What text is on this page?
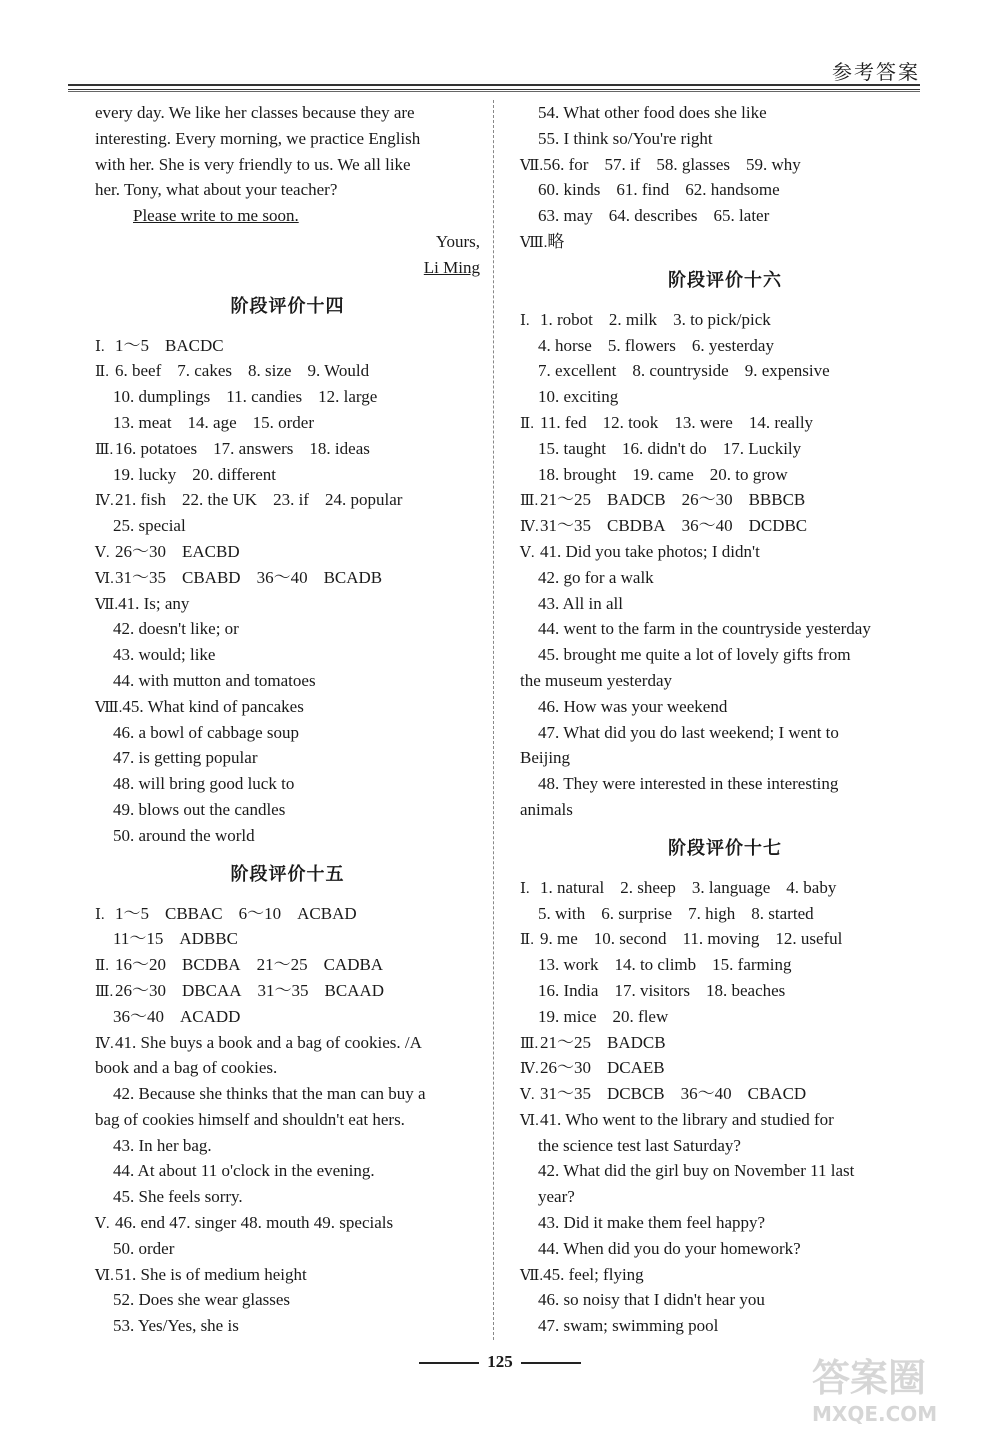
参考答案
every day. We like her classes because they are
interesting. Every morning, we practice English
with her. She is very friendly to us. We all like
her. Tony, what about your teacher?
Please write to me soon.
Yours,
Li Ming
阶段评价十四
Ⅰ. 1～5 BACDC
Ⅱ. 6. beef 7. cakes 8. size 9. Would
10. dumplings 11. candies 12. large
13. meat 14. age 15. order
Ⅲ. 16. potatoes 17. answers 18. ideas
19. lucky 20. different
Ⅳ.21. fish 22. the UK 23. if 24. popular
25. special
Ⅴ. 26～30 EACBD
Ⅵ.31～35 CBABD 36～40 BCADB
Ⅶ.41. Is; any
42. doesn't like; or
43. would; like
44. with mutton and tomatoes
Ⅷ.45. What kind of pancakes
46. a bowl of cabbage soup
47. is getting popular
48. will bring good luck to
49. blows out the candles
50. around the world
阶段评价十五
Ⅰ. 1～5 CBBAC 6～10 ACBAD
11～15 ADBBC
Ⅱ. 16～20 BCDBA 21～25 CADBA
Ⅲ. 26～30 DBCAA 31～35 BCAAD
36～40 ACADD
Ⅳ.41. She buys a book and a bag of cookies. /A
book and a bag of cookies.
42. Because she thinks that the man can buy a
bag of cookies himself and shouldn't eat hers.
43. In her bag.
44. At about 11 o'clock in the evening.
45. She feels sorry.
Ⅴ. 46. end 47. singer 48. mouth 49. specials
50. order
Ⅵ.51. She is of medium height
52. Does she wear glasses
53. Yes/Yes, she is
54. What other food does she like
55. I think so/You're right
Ⅶ.56. for 57. if 58. glasses 59. why
60. kinds 61. find 62. handsome
63. may 64. describes 65. later
Ⅷ.略
阶段评价十六
Ⅰ. 1. robot 2. milk 3. to pick/pick
4. horse 5. flowers 6. yesterday
7. excellent 8. countryside 9. expensive
10. exciting
Ⅱ. 11. fed 12. took 13. were 14. really
15. taught 16. didn't do 17. Luckily
18. brought 19. came 20. to grow
Ⅲ. 21～25 BADCB 26～30 BBBCB
Ⅳ.31～35 CBDBA 36～40 DCDBC
Ⅴ. 41. Did you take photos; I didn't
42. go for a walk
43. All in all
44. went to the farm in the countryside yesterday
45. brought me quite a lot of lovely gifts from
the museum yesterday
46. How was your weekend
47. What did you do last weekend; I went to
Beijing
48. They were interested in these interesting
animals
阶段评价十七
Ⅰ. 1. natural 2. sheep 3. language 4. baby
5. with 6. surprise 7. high 8. started
Ⅱ. 9. me 10. second 11. moving 12. useful
13. work 14. to climb 15. farming
16. India 17. visitors 18. beaches
19. mice 20. flew
Ⅲ. 21～25 BADCB
Ⅳ.26～30 DCAEB
Ⅴ. 31～35 DCBCB 36～40 CBACD
Ⅵ.41. Who went to the library and studied for
the science test last Saturday?
42. What did the girl buy on November 11 last
year?
43. Did it make them feel happy?
44. When did you do your homework?
Ⅶ.45. feel; flying
46. so noisy that I didn't hear you
47. swam; swimming pool
125	答案圈
MXQE.COM
